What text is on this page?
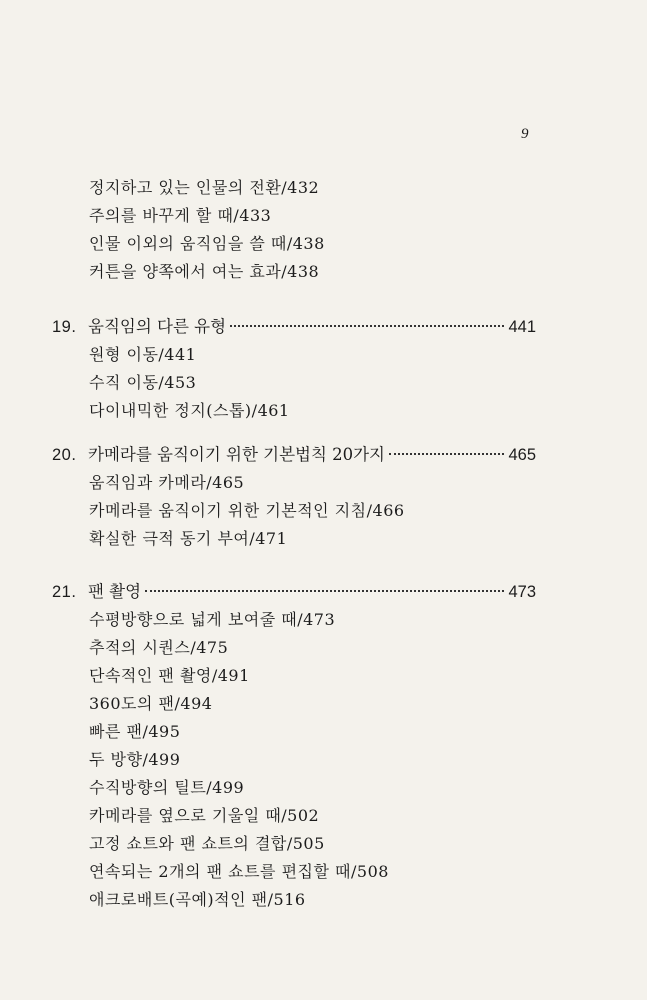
9
정지하고 있는 인물의 전환/432
주의를 바꾸게 할 때/433
인물 이외의 움직임을 쓸 때/438
커튼을 양쪽에서 여는 효과/438
19. 움직임의 다른 유형	441
원형 이동/441
수직 이동/453
다이내믹한 정지(스톱)/461
20. 카메라를 움직이기 위한 기본법칙 20가지	465
움직임과 카메라/465
카메라를 움직이기 위한 기본적인 지침/466
확실한 극적 동기 부여/471
21. 팬 촬영	473
수평방향으로 넓게 보여줄 때/473
추적의 시퀀스/475
단속적인 팬 촬영/491
360도의 팬/494
빠른 팬/495
두 방향/499
수직방향의 틸트/499
카메라를 옆으로 기울일 때/502
고정 쇼트와 팬 쇼트의 결합/505
연속되는 2개의 팬 쇼트를 편집할 때/508
애크로배트(곡예)적인 팬/516
